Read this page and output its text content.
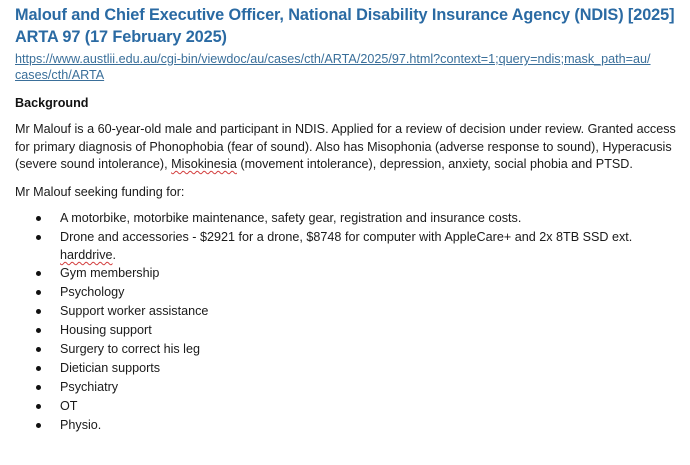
Malouf and Chief Executive Officer, National Disability Insurance Agency (NDIS) [2025] ARTA 97 (17 February 2025)
https://www.austlii.edu.au/cgi-bin/viewdoc/au/cases/cth/ARTA/2025/97.html?context=1;query=ndis;mask_path=au/cases/cth/ARTA
Background
Mr Malouf is a 60-year-old male and participant in NDIS. Applied for a review of decision under review. Granted access for primary diagnosis of Phonophobia (fear of sound). Also has Misophonia (adverse response to sound), Hyperacusis (severe sound intolerance), Misokinesia (movement intolerance), depression, anxiety, social phobia and PTSD.
Mr Malouf seeking funding for:
A motorbike, motorbike maintenance, safety gear, registration and insurance costs.
Drone and accessories - $2921 for a drone, $8748 for computer with AppleCare+ and 2x 8TB SSD ext. harddrive.
Gym membership
Psychology
Support worker assistance
Housing support
Surgery to correct his leg
Dietician supports
Psychiatry
OT
Physio.
